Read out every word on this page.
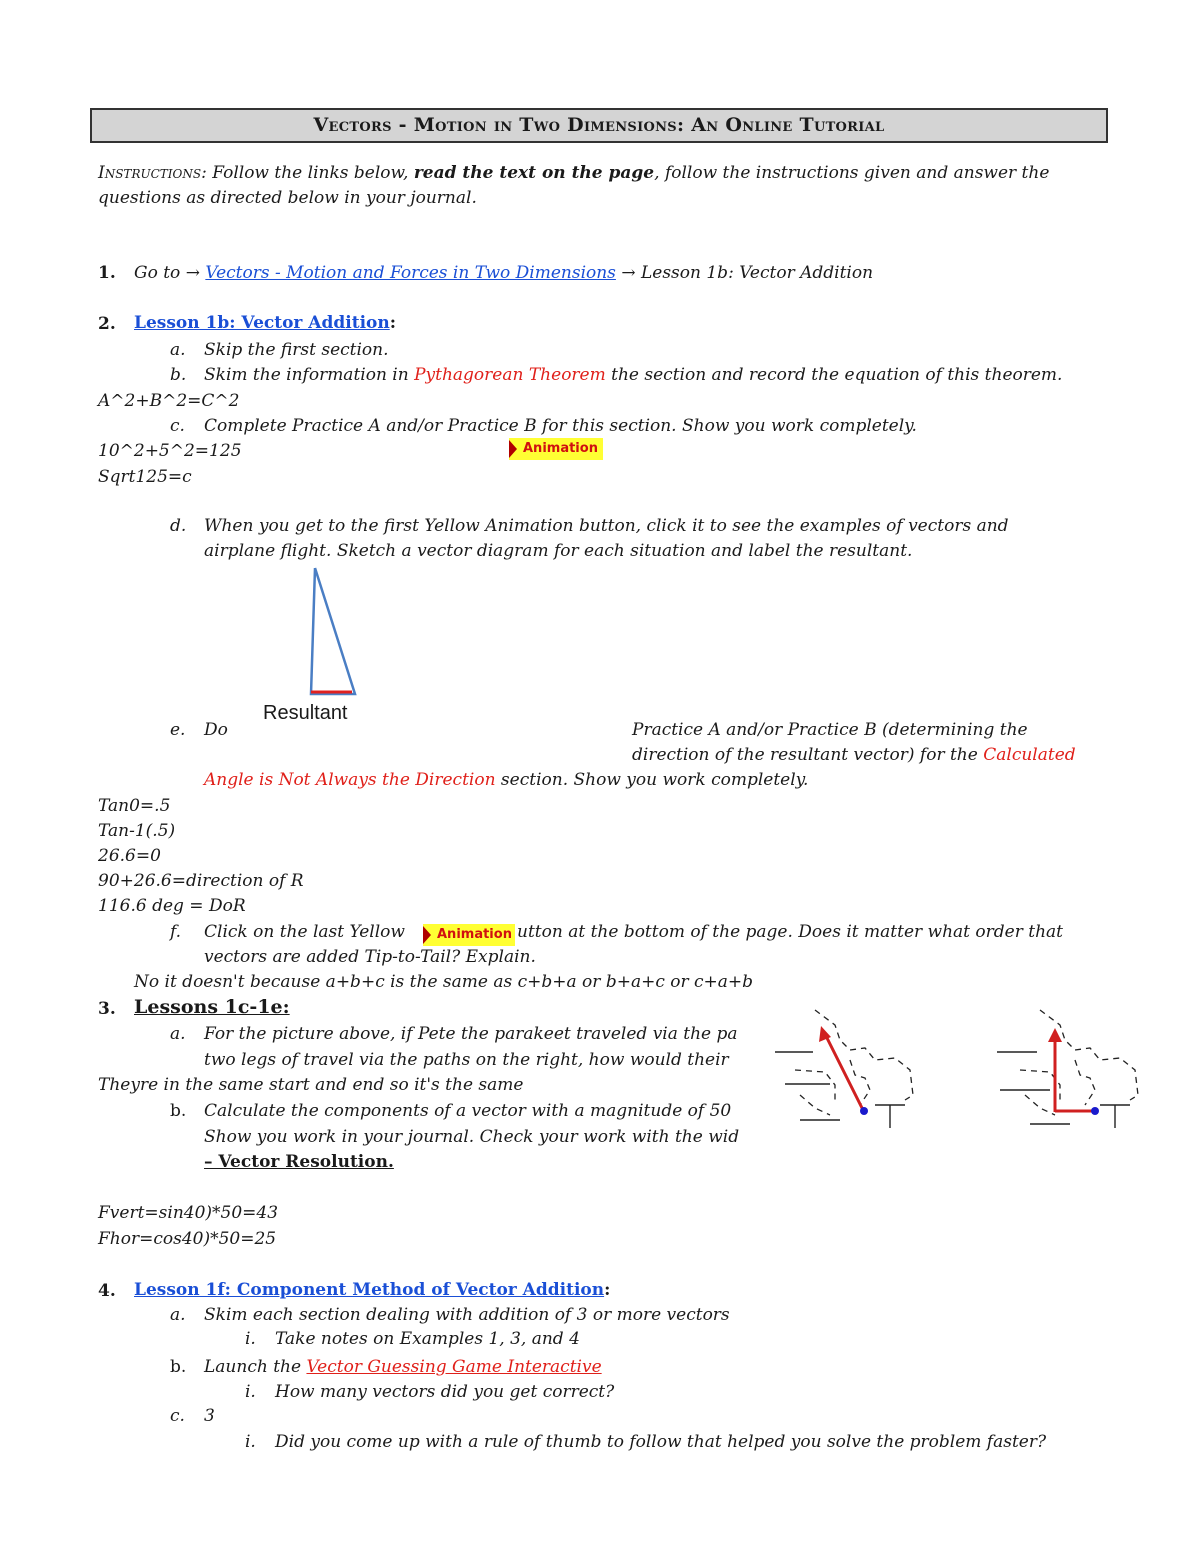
Vectors - Motion in Two Dimensions: An Online Tutorial
Instructions: Follow the links below, read the text on the page, follow the instructions given and answer the
questions as directed below in your journal.
1. Go to → Vectors - Motion and Forces in Two Dimensions → Lesson 1b: Vector Addition
2. Lesson 1b: Vector Addition:
a. Skip the first section.
b. Skim the information in Pythagorean Theorem the section and record the equation of this theorem.
A^2+B^2=C^2
c. Complete Practice A and/or Practice B for this section. Show you work completely.
10^2+5^2=125
Sqrt125=c
Animation
d. When you get to the first Yellow Animation button, click it to see the examples of vectors and
airplane flight. Sketch a vector diagram for each situation and label the resultant.
Resultant
e. Do	Practice A and/or Practice B (determining the
direction of the resultant vector) for the Calculated
Angle is Not Always the Direction section. Show you work completely.
Tan0=.5
Tan-1(.5)
26.6=0
90+26.6=direction of R
116.6 deg = DoR
f. Click on the last Yellow	utton at the bottom of the page. Does it matter what order that
Animation
vectors are added Tip-to-Tail? Explain.
No it doesn't because a+b+c is the same as c+b+a or b+a+c or c+a+b
3. Lessons 1c-1e:
a. For the picture above, if Pete the parakeet traveled via the pa
two legs of travel via the paths on the right, how would their
Theyre in the same start and end so it's the same
b. Calculate the components of a vector with a magnitude of 50
Show you work in your journal. Check your work with the wid
– Vector Resolution.
Fvert=sin40)*50=43
Fhor=cos40)*50=25
4. Lesson 1f: Component Method of Vector Addition:
a. Skim each section dealing with addition of 3 or more vectors
i. Take notes on Examples 1, 3, and 4
b. Launch the Vector Guessing Game Interactive
i. How many vectors did you get correct?
c. 3
i. Did you come up with a rule of thumb to follow that helped you solve the problem faster?
